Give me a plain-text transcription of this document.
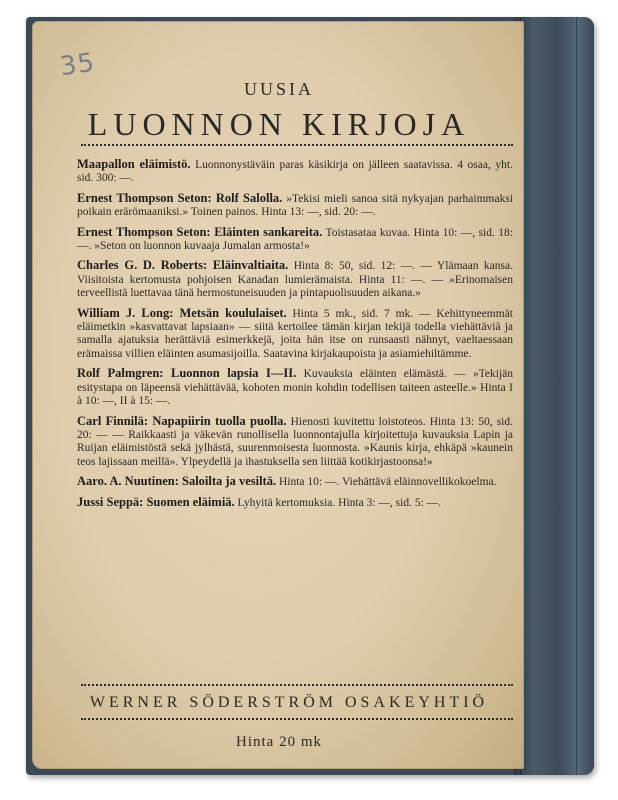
35
UUSIA
LUONNON KIRJOJA

Maapallon eläimistö. Luonnonystäväin paras käsikirja on jälleen saatavissa. 4 osaa, yht. sid. 300: —.

Ernest Thompson Seton: Rolf Salolla. »Tekisi mieli sanoa sitä nykyajan parhaimmaksi poikain erärömaaniksi.» Toinen painos. Hinta 13: —, sid. 20: —.

Ernest Thompson Seton: Eläinten sankareita. Toistasataa kuvaa. Hinta 10: —, sid. 18: —. »Seton on luonnon kuvaaja Jumalan armosta!»

Charles G. D. Roberts: Eläinvaltiaita. Hinta 8: 50, sid. 12: —. — Ylämaan kansa. Viisitoista kertomusta pohjoisen Kanadan lumierämaista. Hinta 11: —. — »Erinomaisen terveellistä luettavaa tänä hermostuneisuuden ja pintapuolisuuden aikana.»

William J. Long: Metsän koululaiset. Hinta 5 mk., sid. 7 mk. — Kehittyneemmät eläimetkin »kasvattavat lapsiaan» — siitä kertoilee tämän kirjan tekijä todella viehättäviä ja samalla ajatuksia herättäviä esimerkkejä, joita hän itse on runsaasti nähnyt, vaeltaessaan erämaissa villien eläinten asumasijoilla. Saatavina kirjakaupoista ja asiamiehiltämme.

Rolf Palmgren: Luonnon lapsia I—II. Kuvauksia eläinten elämästä. — »Tekijän esitystapa on läpeensä viehättävää, kohoten monin kohdin todellisen taiteen asteelle.» Hinta I à 10: —, II à 15: —.

Carl Finnilä: Napapiirin tuolla puolla. Hienosti kuvitettu loistoteos. Hinta 13: 50, sid. 20: — — Raikkaasti ja väkevän runollisella luonnontajulla kirjoitettuja kuvauksia Lapin ja Ruijan eläimistöstä sekä jylhästä, suurenmoisesta luonnosta. »Kaunis kirja, ehkäpä »kaunein teos lajissaan meillä». Ylpeydellä ja ihastuksella sen liittää kotikirjastoonsa!»

Aaro. A. Nuutinen: Saloilta ja vesiltä. Hinta 10: —. Viehättävä eläinnovellikokoelma.

Jussi Seppä: Suomen eläimiä. Lyhyitä kertomuksia. Hinta 3: —, sid. 5: —.

WERNER SÖDERSTRÖM OSAKEYHTIÖ
Hinta 20 mk
